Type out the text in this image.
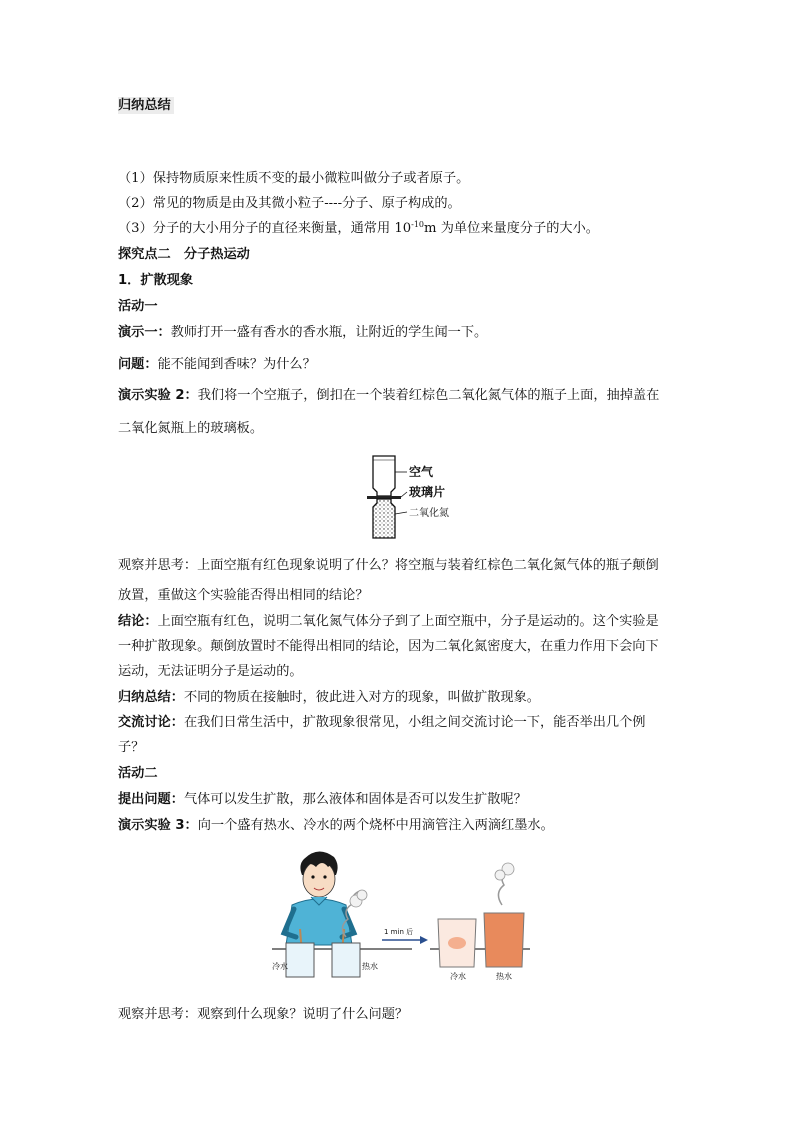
归纳总结
（1）保持物质原来性质不变的最小微粒叫做分子或者原子。
（2）常见的物质是由及其微小粒子----分子、原子构成的。
（3）分子的大小用分子的直径来衡量，通常用 $10^{-10}m$ 为单位来量度分子的大小。
探究点二　分子热运动
1．扩散现象
活动一
演示一：教师打开一盛有香水的香水瓶，让附近的学生闻一下。
问题：能不能闻到香味？为什么？
演示实验 2：我们将一个空瓶子，倒扣在一个装着红棕色二氧化氮气体的瓶子上面，抽掉盖在
二氧化氮瓶上的玻璃板。
空气
玻璃片
二氧化氮
观察并思考：上面空瓶有红色现象说明了什么？将空瓶与装着红棕色二氧化氮气体的瓶子颠倒
放置，重做这个实验能否得出相同的结论？
结论：上面空瓶有红色，说明二氧化氮气体分子到了上面空瓶中，分子是运动的。这个实验是
一种扩散现象。颠倒放置时不能得出相同的结论，因为二氧化氮密度大，在重力作用下会向下
运动，无法证明分子是运动的。
归纳总结：不同的物质在接触时，彼此进入对方的现象，叫做扩散现象。
交流讨论：在我们日常生活中，扩散现象很常见，小组之间交流讨论一下，能否举出几个例
子？
活动二
提出问题：气体可以发生扩散，那么液体和固体是否可以发生扩散呢？
演示实验 3：向一个盛有热水、冷水的两个烧杯中用滴管注入两滴红墨水。
冷水	热水
1 min 后
冷水	热水
观察并思考：观察到什么现象？说明了什么问题？
